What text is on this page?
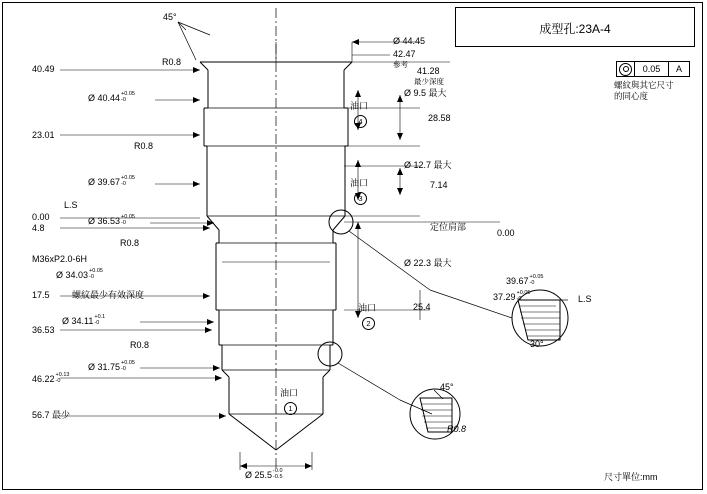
成型孔:23A-4
0.05	A
螺紋與其它尺寸
的同心度
尺寸單位:mm
45°
Ø 44.45
42.47
參考
40.49
R0.8
Ø 40.44 +0.05
-0
23.01
R0.8
Ø 39.67 +0.05
-0
L.S
0.00	Ø 36.53 +0.05
-0
4.8
R0.8
M36xP2.0-6H
Ø 34.03 +0.05
-0
17.5 螺紋最少有效深度
Ø 34.11 +0.1
-0
36.53
R0.8
Ø 31.75 +0.05
-0
46.22 +0.13
-0
56.7 最少
41.28
最少深度
Ø 9.5 最大
28.58
Ø 12.7 最大
7.14
定位肩部
0.00
Ø 22.3 最大
25.4
39.67 +0.05
-0
37.29 +0.05
-0	L.S
30°
45°
R0.8
油口
4
油口
3
油口
2
油口
1
Ø 25.5 -0.0
-0.5
